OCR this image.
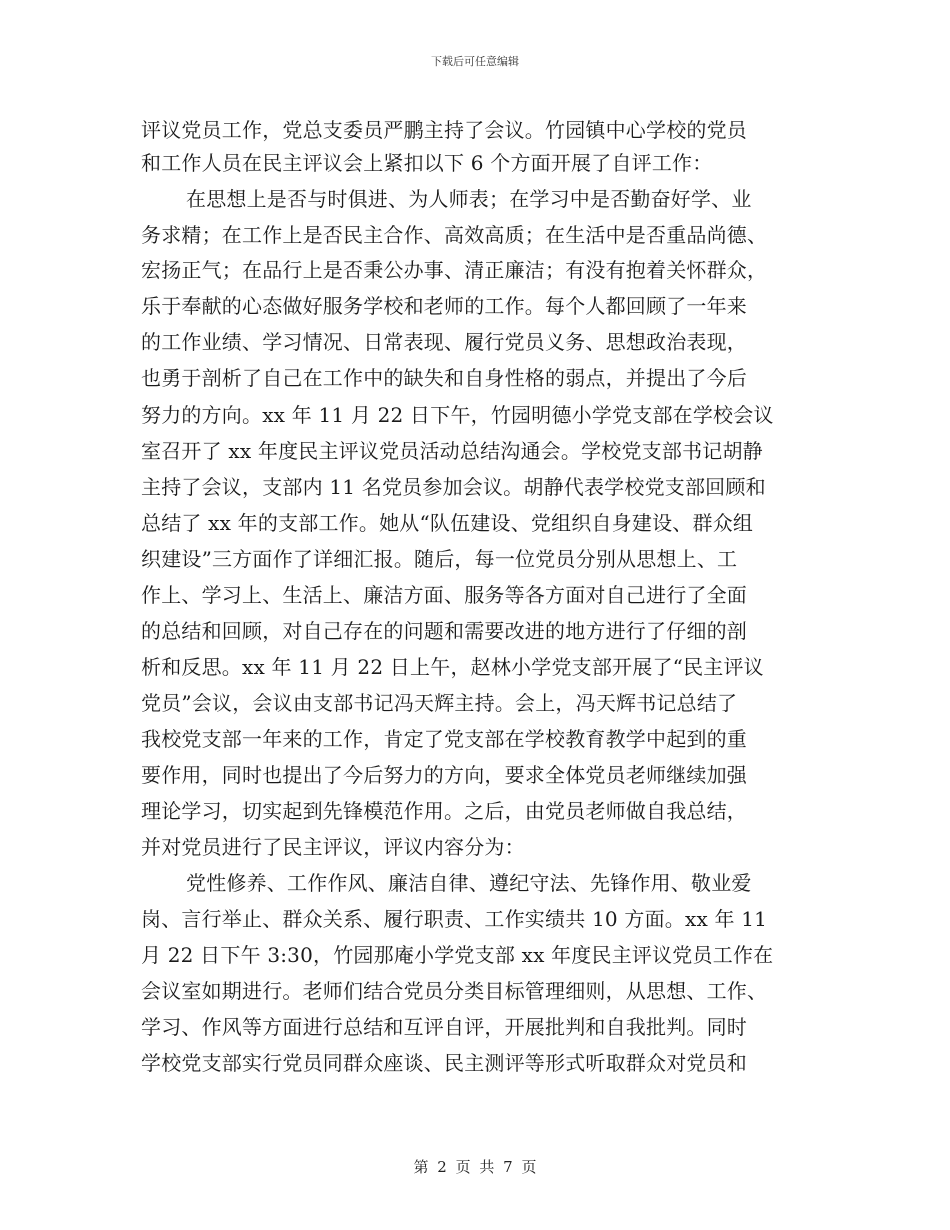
下载后可任意编辑
评议党员工作，党总支委员严鹏主持了会议。竹园镇中心学校的党员
和工作人员在民主评议会上紧扣以下 6 个方面开展了自评工作：
在思想上是否与时俱进、为人师表；在学习中是否勤奋好学、业
务求精；在工作上是否民主合作、高效高质；在生活中是否重品尚德、
宏扬正气；在品行上是否秉公办事、清正廉洁；有没有抱着关怀群众，
乐于奉献的心态做好服务学校和老师的工作。每个人都回顾了一年来
的工作业绩、学习情况、日常表现、履行党员义务、思想政治表现，
也勇于剖析了自己在工作中的缺失和自身性格的弱点，并提出了今后
努力的方向。xx 年 11 月 22 日下午，竹园明德小学党支部在学校会议
室召开了 xx 年度民主评议党员活动总结沟通会。学校党支部书记胡静
主持了会议，支部内 11 名党员参加会议。胡静代表学校党支部回顾和
总结了 xx 年的支部工作。她从“队伍建设、党组织自身建设、群众组
织建设”三方面作了详细汇报。随后，每一位党员分别从思想上、工
作上、学习上、生活上、廉洁方面、服务等各方面对自己进行了全面
的总结和回顾，对自己存在的问题和需要改进的地方进行了仔细的剖
析和反思。xx 年 11 月 22 日上午，赵林小学党支部开展了“民主评议
党员”会议，会议由支部书记冯天辉主持。会上，冯天辉书记总结了
我校党支部一年来的工作，肯定了党支部在学校教育教学中起到的重
要作用，同时也提出了今后努力的方向，要求全体党员老师继续加强
理论学习，切实起到先锋模范作用。之后，由党员老师做自我总结，
并对党员进行了民主评议，评议内容分为：
党性修养、工作作风、廉洁自律、遵纪守法、先锋作用、敬业爱
岗、言行举止、群众关系、履行职责、工作实绩共 10 方面。xx 年 11
月 22 日下午 3:30，竹园那庵小学党支部 xx 年度民主评议党员工作在
会议室如期进行。老师们结合党员分类目标管理细则，从思想、工作、
学习、作风等方面进行总结和互评自评，开展批判和自我批判。同时
学校党支部实行党员同群众座谈、民主测评等形式听取群众对党员和
第 2 页 共 7 页
